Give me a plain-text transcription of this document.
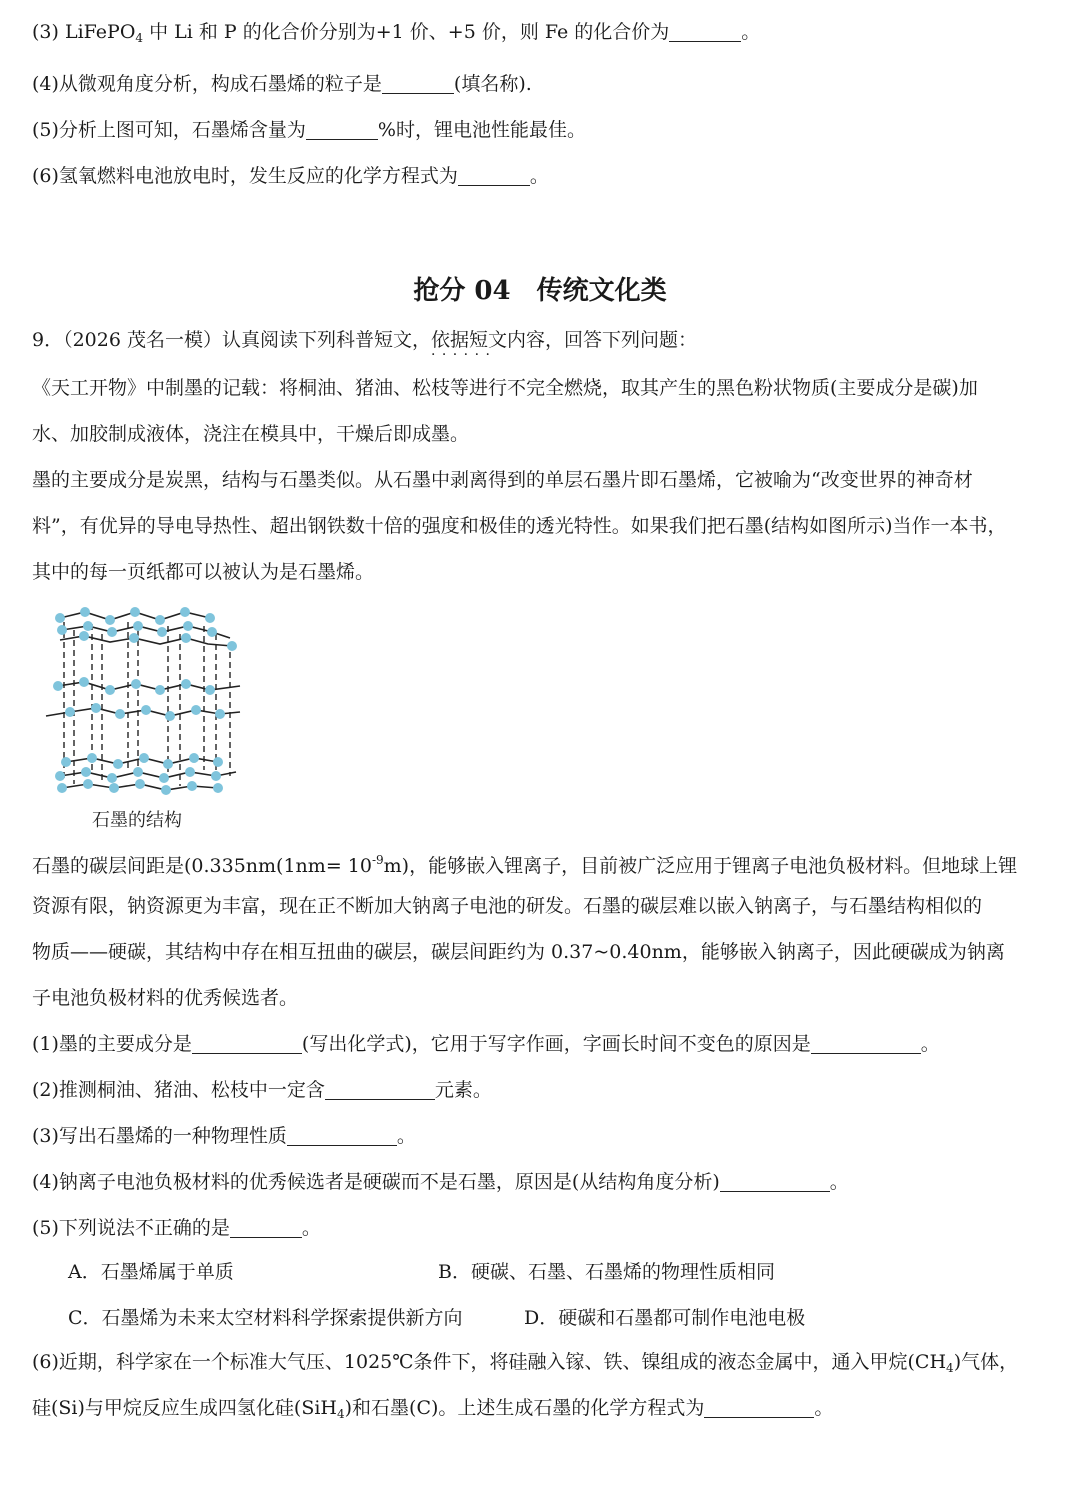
(3) LiFePO$_4$ 中 Li 和 P 的化合价分别为+1 价、+5 价，则 Fe 的化合价为	。
(4)从微观角度分析，构成石墨烯的粒子是	(填名称).
(5)分析上图可知，石墨烯含量为	%时，锂电池性能最佳。
(6)氢氧燃料电池放电时，发生反应的化学方程式为	。
抢分 04　传统文化类
9．（2026 茂名一模）认真阅读下列科普短文，依据短文内容 · · ·，回答下列问题：
《天工开物》中制墨的记载：将桐油、猪油、松枝等进行不完全燃烧，取其产生的黑色粉状物质(主要成分是碳)加
水、加胶制成液体，浇注在模具中，干燥后即成墨。
墨的主要成分是炭黑，结构与石墨类似。从石墨中剥离得到的单层石墨片即石墨烯，它被喻为“改变世界的神奇材
料”，有优异的导电导热性、超出钢铁数十倍的强度和极佳的透光特性。如果我们把石墨(结构如图所示)当作一本书，
其中的每一页纸都可以被认为是石墨烯。
石墨的结构
石墨的碳层间距是($0.335nm(1nm= 10^{-9}m)$，能够嵌入锂离子，目前被广泛应用于锂离子电池负极材料。但地球上锂
资源有限，钠资源更为丰富，现在正不断加大钠离子电池的研发。石墨的碳层难以嵌入钠离子，与石墨结构相似的
物质——硬碳，其结构中存在相互扭曲的碳层，碳层间距约为 0.37~0.40nm，能够嵌入钠离子，因此硬碳成为钠离
子电池负极材料的优秀候选者。
(1)墨的主要成分是	(写出化学式)，它用于写字作画，字画长时间不变色的原因是	。
(2)推测桐油、猪油、松枝中一定含	元素。
(3)写出石墨烯的一种物理性质	。
(4)钠离子电池负极材料的优秀候选者是硬碳而不是石墨，原因是(从结构角度分析)	。
(5)下列说法不正确的是	。
A．石墨烯属于单质	B．硬碳、石墨、石墨烯的物理性质相同
C．石墨烯为未来太空材料科学探索提供新方向	D．硬碳和石墨都可制作电池电极
(6)近期，科学家在一个标准大气压、1025℃条件下，将硅融入镓、铁、镍组成的液态金属中，通入甲烷$(CH_4)$气体，
硅(Si)与甲烷反应生成四氢化硅(SiH$_4$)和石墨(C)。上述生成石墨的化学方程式为	。
